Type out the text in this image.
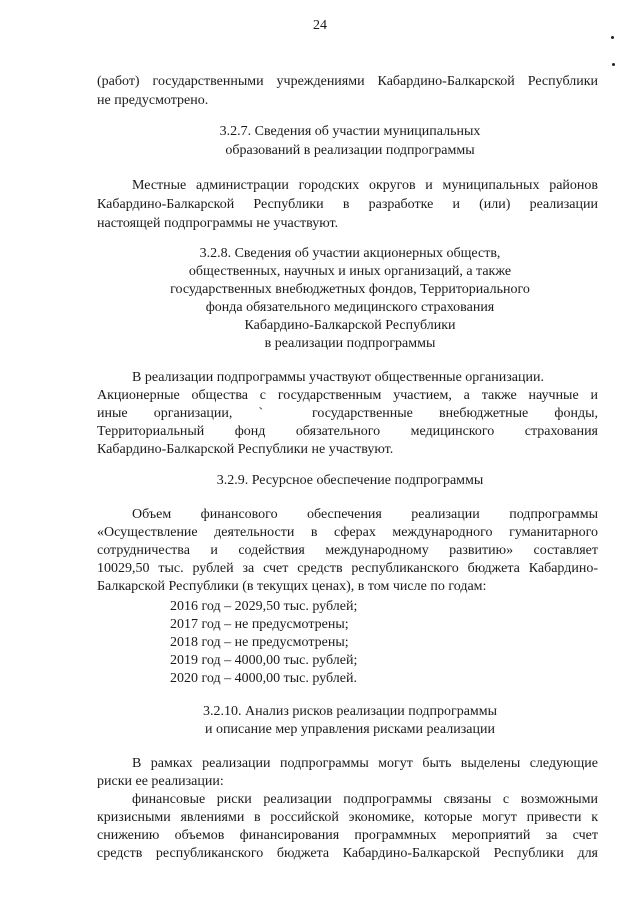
24
(работ) государственными учреждениями Кабардино-Балкарской Республики
не предусмотрено.
3.2.7. Сведения об участии муниципальных
образований в реализации подпрограммы
Местные администрации городских округов и муниципальных районов
Кабардино-Балкарской Республики в разработке и (или) реализации
настоящей подпрограммы не участвуют.
3.2.8. Сведения об участии акционерных обществ,
общественных, научных и иных организаций, а также
государственных внебюджетных фондов, Территориального
фонда обязательного медицинского страхования
Кабардино-Балкарской Республики
в реализации подпрограммы
В реализации подпрограммы участвуют общественные организации.
Акционерные общества с государственным участием, а также научные и
иные организации, ˋ государственные внебюджетные фонды,
Территориальный фонд обязательного медицинского страхования
Кабардино-Балкарской Республики не участвуют.
3.2.9. Ресурсное обеспечение подпрограммы
Объем финансового обеспечения реализации подпрограммы
«Осуществление деятельности в сферах международного гуманитарного
сотрудничества и содействия международному развитию» составляет
10029,50 тыс. рублей за счет средств республиканского бюджета Кабардино-
Балкарской Республики (в текущих ценах), в том числе по годам:
2016 год – 2029,50 тыс. рублей;
2017 год – не предусмотрены;
2018 год – не предусмотрены;
2019 год – 4000,00 тыс. рублей;
2020 год – 4000,00 тыс. рублей.
3.2.10. Анализ рисков реализации подпрограммы
и описание мер управления рисками реализации
В рамках реализации подпрограммы могут быть выделены следующие
риски ее реализации:
финансовые риски реализации подпрограммы связаны с возможными
кризисными явлениями в российской экономике, которые могут привести к
снижению объемов финансирования программных мероприятий за счет
средств республиканского бюджета Кабардино-Балкарской Республики для
